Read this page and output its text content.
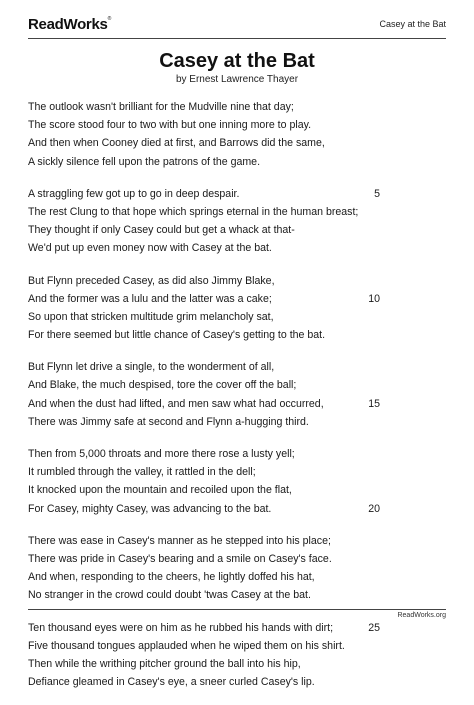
ReadWorks®
Casey at the Bat
Casey at the Bat
by Ernest Lawrence Thayer
The outlook wasn't brilliant for the Mudville nine that day;
The score stood four to two with but one inning more to play.
And then when Cooney died at first, and Barrows did the same,
A sickly silence fell upon the patrons of the game.
A straggling few got up to go in deep despair.	5
The rest Clung to that hope which springs eternal in the human breast;
They thought if only Casey could but get a whack at that-
We'd put up even money now with Casey at the bat.
But Flynn preceded Casey, as did also Jimmy Blake,
And the former was a lulu and the latter was a cake;	10
So upon that stricken multitude grim melancholy sat,
For there seemed but little chance of Casey's getting to the bat.
But Flynn let drive a single, to the wonderment of all,
And Blake, the much despised, tore the cover off the ball;
And when the dust had lifted, and men saw what had occurred,	15
There was Jimmy safe at second and Flynn a-hugging third.
Then from 5,000 throats and more there rose a lusty yell;
It rumbled through the valley, it rattled in the dell;
It knocked upon the mountain and recoiled upon the flat,
For Casey, mighty Casey, was advancing to the bat.	20
There was ease in Casey's manner as he stepped into his place;
There was pride in Casey's bearing and a smile on Casey's face.
And when, responding to the cheers, he lightly doffed his hat,
No stranger in the crowd could doubt 'twas Casey at the bat.
Ten thousand eyes were on him as he rubbed his hands with dirt;	25
Five thousand tongues applauded when he wiped them on his shirt.
Then while the writhing pitcher ground the ball into his hip,
Defiance gleamed in Casey's eye, a sneer curled Casey's lip.
ReadWorks.org
